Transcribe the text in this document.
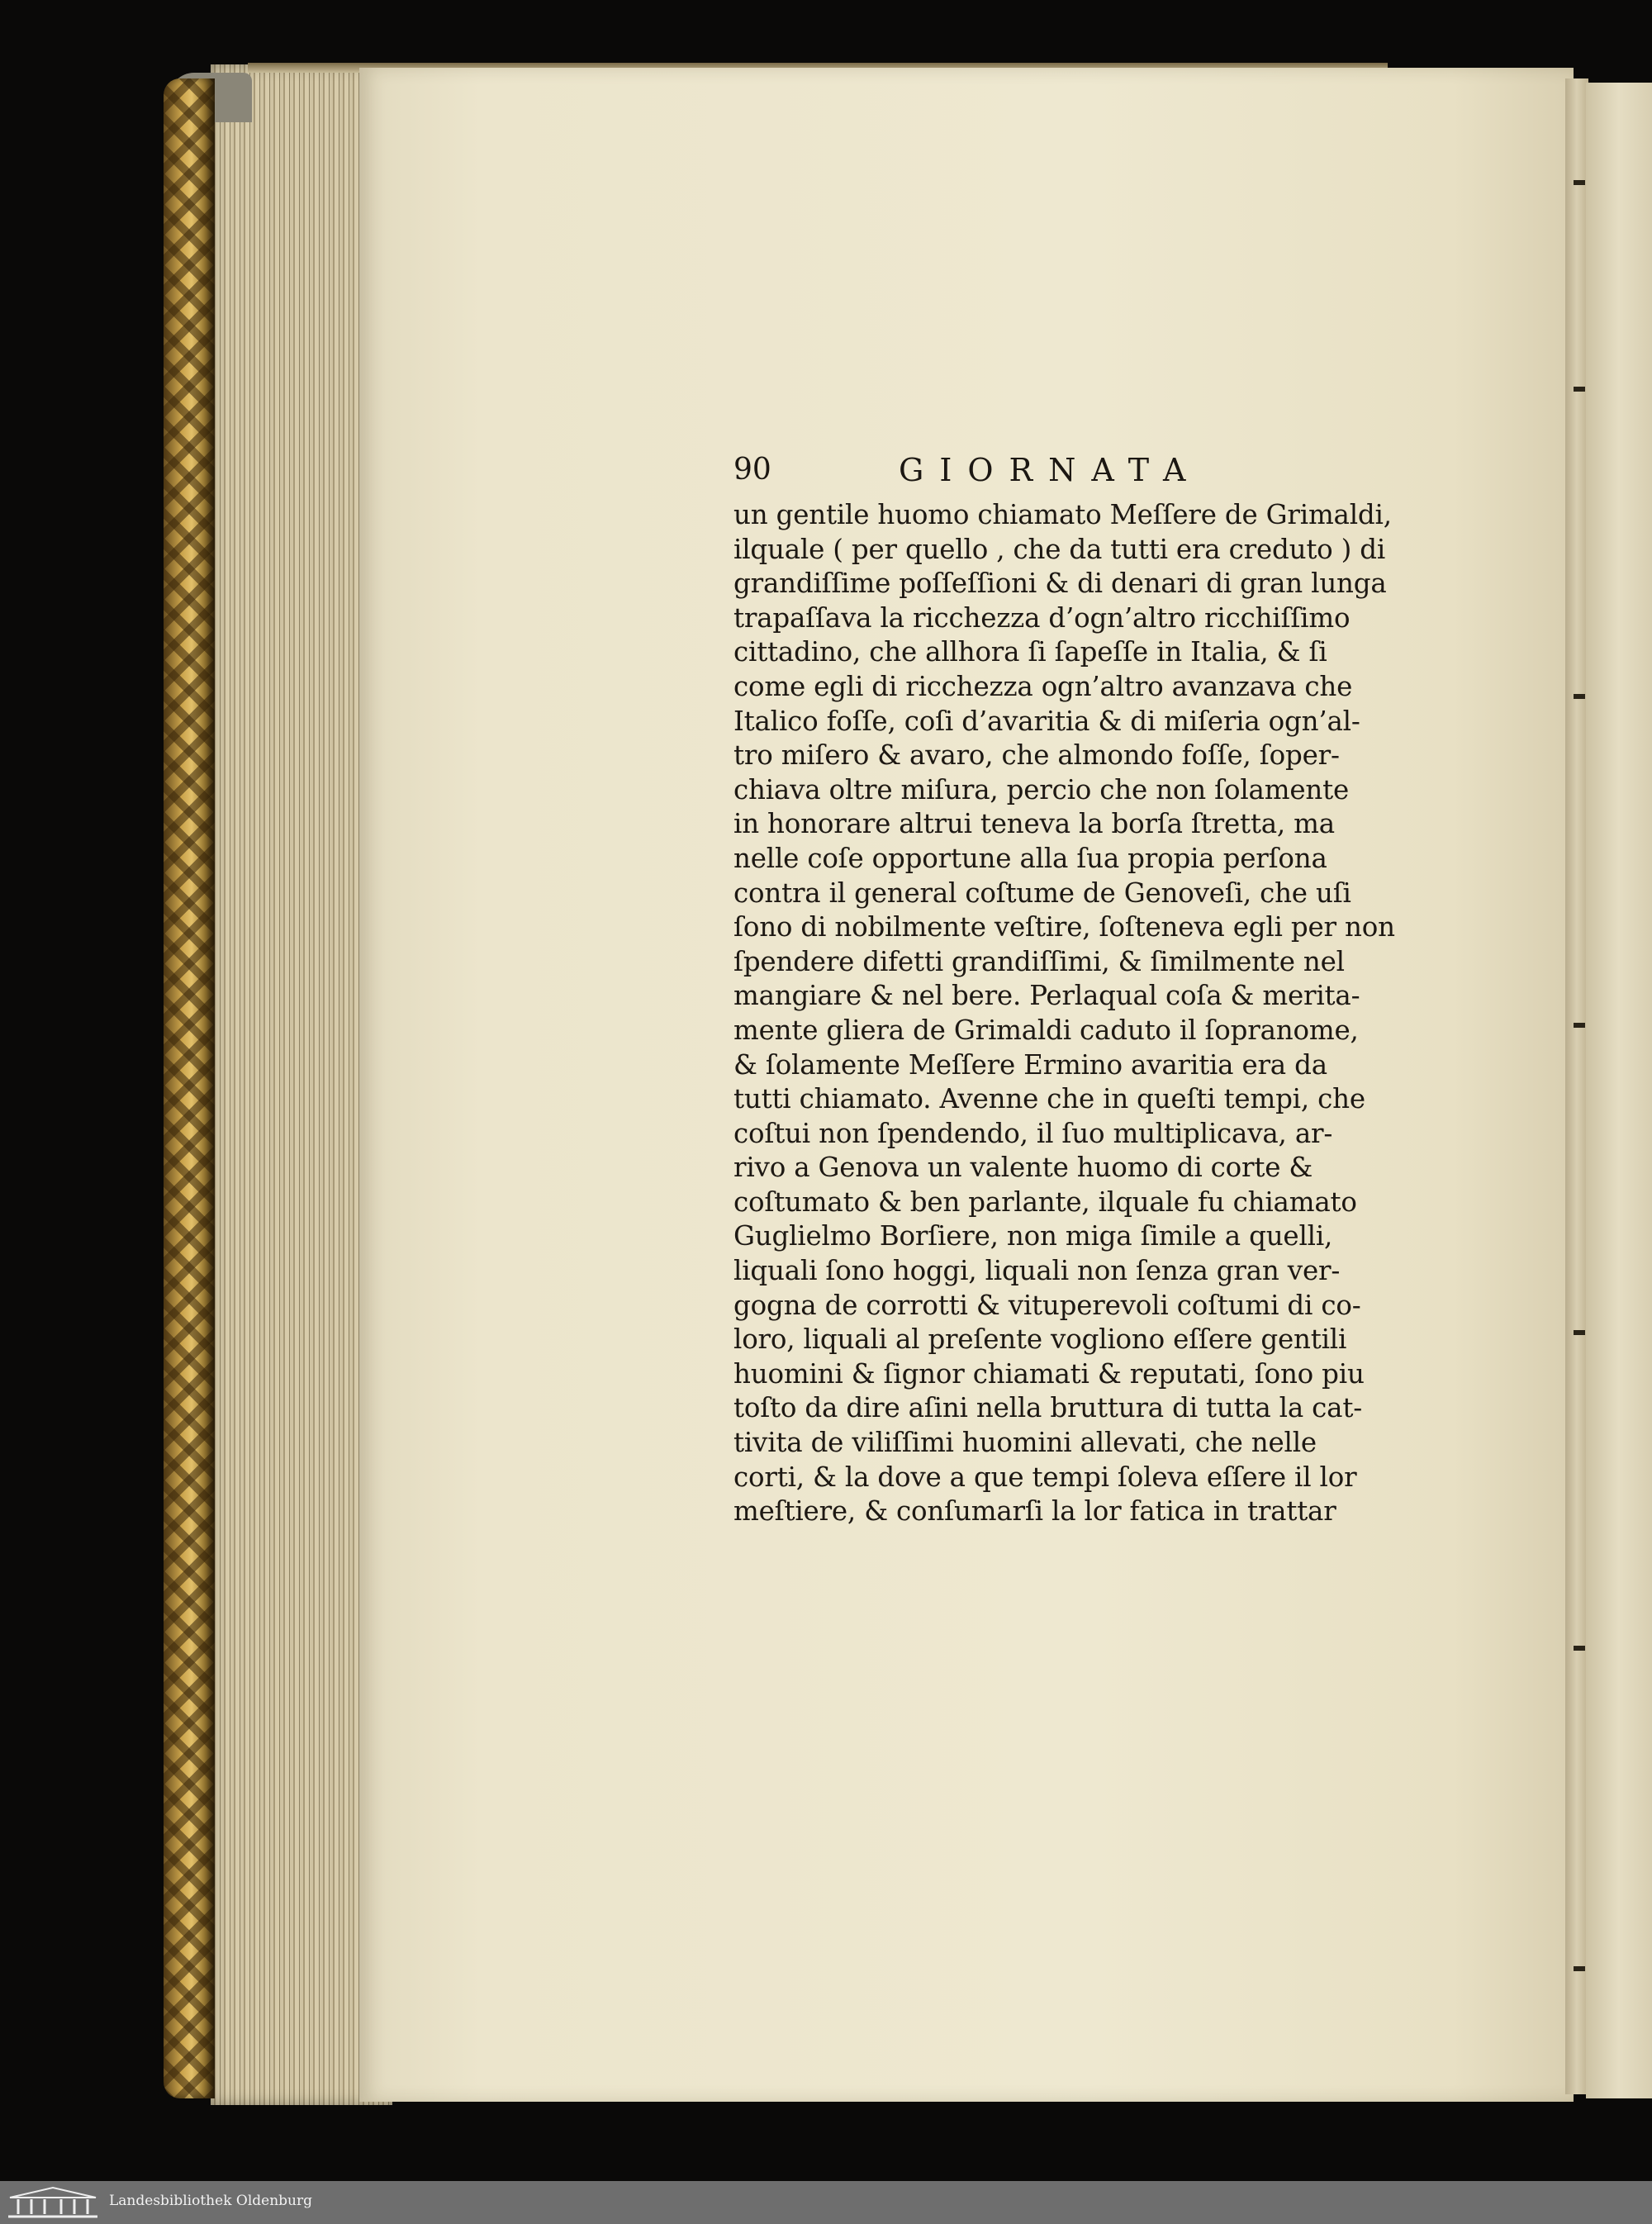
90	GIORNATA
un gentile huomo chiamato Meſſere de Grimaldi,
ilquale ( per quello , che da tutti era creduto ) di
grandiſſime poſſeſſioni & di denari di gran lunga
trapaſſava la ricchezza d’ogn’altro ricchiſſimo
cittadino, che allhora ſi ſapeſſe in Italia, & ſi
come egli di ricchezza ogn’altro avanzava che
Italico foſſe, coſi d’avaritia & di miſeria ogn’al-
tro miſero & avaro, che almondo foſſe, ſoper-
chiava oltre miſura, percio che non ſolamente
in honorare altrui teneva la borſa ſtretta, ma
nelle coſe opportune alla ſua propia perſona
contra il general coſtume de Genoveſi, che uſi
ſono di nobilmente veſtire, ſoſteneva egli per non
ſpendere difetti grandiſſimi, & ſimilmente nel
mangiare & nel bere. Perlaqual coſa & merita-
mente gliera de Grimaldi caduto il ſopranome,
& ſolamente Meſſere Ermino avaritia era da
tutti chiamato. Avenne che in queſti tempi, che
coſtui non ſpendendo, il ſuo multiplicava, ar-
rivo a Genova un valente huomo di corte &
coſtumato & ben parlante, ilquale fu chiamato
Guglielmo Borſiere, non miga ſimile a quelli,
liquali ſono hoggi, liquali non ſenza gran ver-
gogna de corrotti & vituperevoli coſtumi di co-
loro, liquali al preſente vogliono eſſere gentili
huomini & ſignor chiamati & reputati, ſono piu
toſto da dire aſini nella bruttura di tutta la cat-
tivita de viliſſimi huomini allevati, che nelle
corti, & la dove a que tempi ſoleva eſſere il lor
meſtiere, & conſumarſi la lor fatica in trattar
Landesbibliothek Oldenburg
